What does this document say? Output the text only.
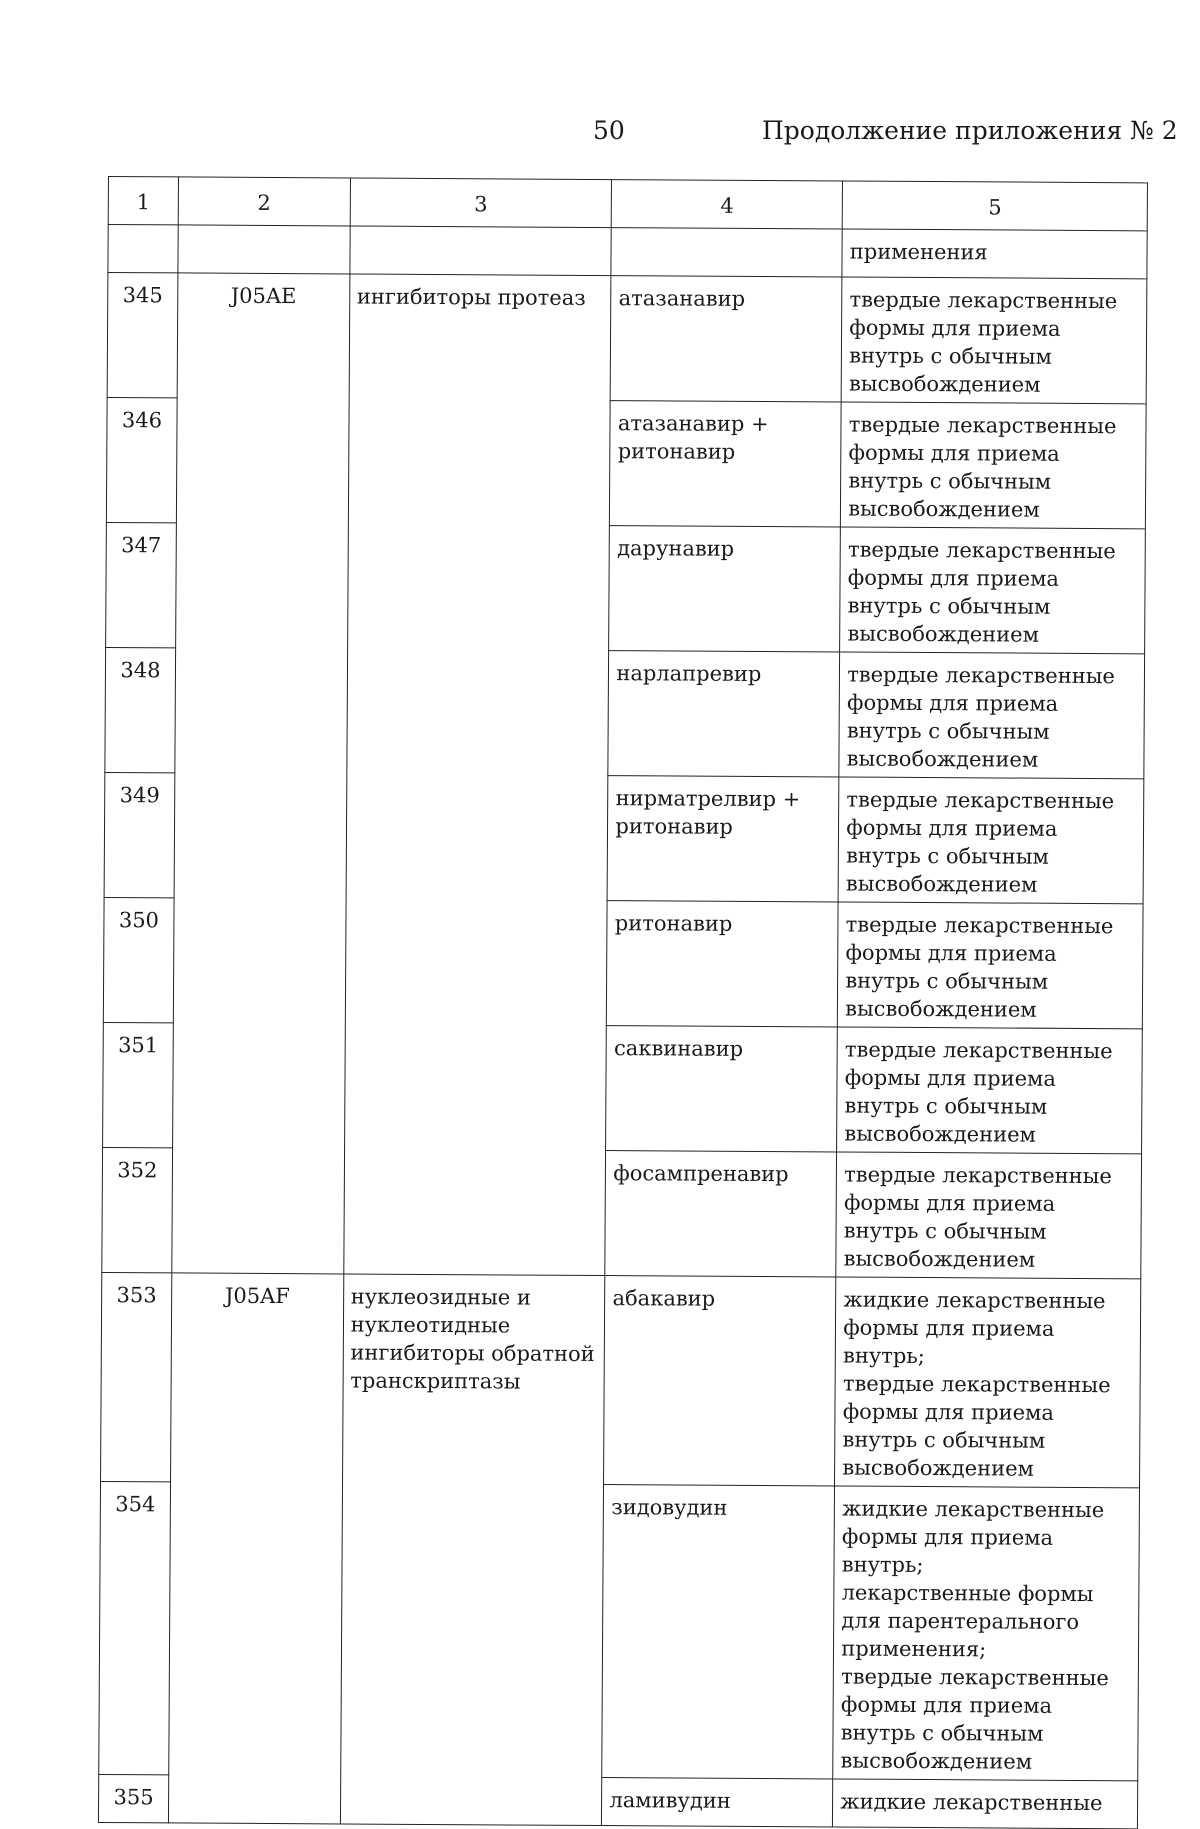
50	Продолжение приложения № 2
1	2	3	4	5
				применения
345	J05AE	ингибиторы протеаз	атазанавир	твердые лекарственные формы для приема внутрь с обычным высвобождением
346			атазанавир + ритонавир	твердые лекарственные формы для приема внутрь с обычным высвобождением
347			дарунавир	твердые лекарственные формы для приема внутрь с обычным высвобождением
348			нарлапревир	твердые лекарственные формы для приема внутрь с обычным высвобождением
349			нирматрелвир + ритонавир	твердые лекарственные формы для приема внутрь с обычным высвобождением
350			ритонавир	твердые лекарственные формы для приема внутрь с обычным высвобождением
351			саквинавир	твердые лекарственные формы для приема внутрь с обычным высвобождением
352			фосампренавир	твердые лекарственные формы для приема внутрь с обычным высвобождением
353	J05AF	нуклеозидные и нуклеотидные ингибиторы обратной транскриптазы	абакавир	жидкие лекарственные формы для приема внутрь;
твердые лекарственные формы для приема внутрь с обычным высвобождением
354			зидовудин	жидкие лекарственные формы для приема внутрь;
лекарственные формы для парентерального применения;
твердые лекарственные формы для приема внутрь с обычным высвобождением
355			ламивудин	жидкие лекарственные
